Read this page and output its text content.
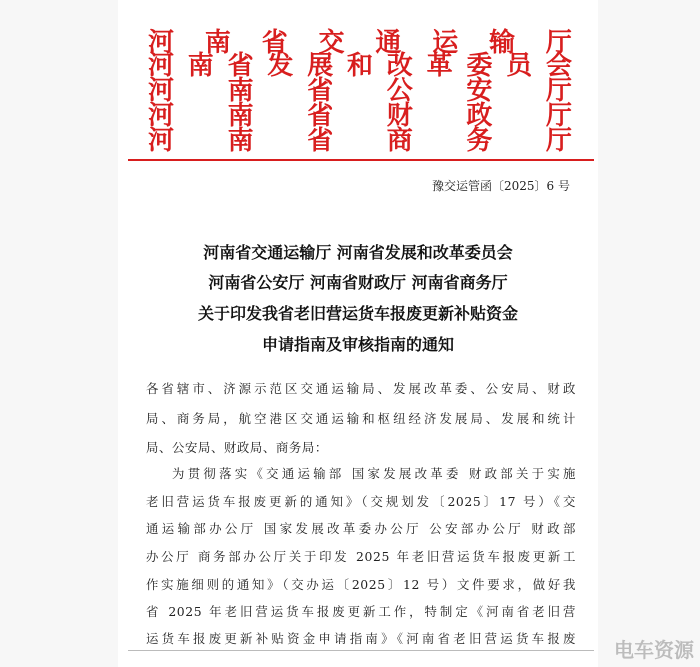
河 南 省 交 通 运 输 厅
河 南 省 发 展 和 改 革 委 员 会
河 南 省 公 安 厅
河 南 省 财 政 厅
河 南 省 商 务 厅
豫交运管函〔2025〕6 号
河南省交通运输厅 河南省发展和改革委员会
河南省公安厅 河南省财政厅 河南省商务厅
关于印发我省老旧营运货车报废更新补贴资金
申请指南及审核指南的通知
各省辖市、济源示范区交通运输局、发展改革委、公安局、财政
局、商务局，航空港区交通运输和枢纽经济发展局、发展和统计
局、公安局、财政局、商务局：
为贯彻落实《交通运输部 国家发展改革委 财政部关于实施
老旧营运货车报废更新的通知》（交规划发〔2025〕17 号）《交
通运输部办公厅 国家发展改革委办公厅 公安部办公厅 财政部
办公厅 商务部办公厅关于印发 2025 年老旧营运货车报废更新工
作实施细则的通知》（交办运〔2025〕12 号）文件要求，做好我
省 2025 年老旧营运货车报废更新工作，特制定《河南省老旧营
运货车报废更新补贴资金申请指南》《河南省老旧营运货车报废 电车资源
